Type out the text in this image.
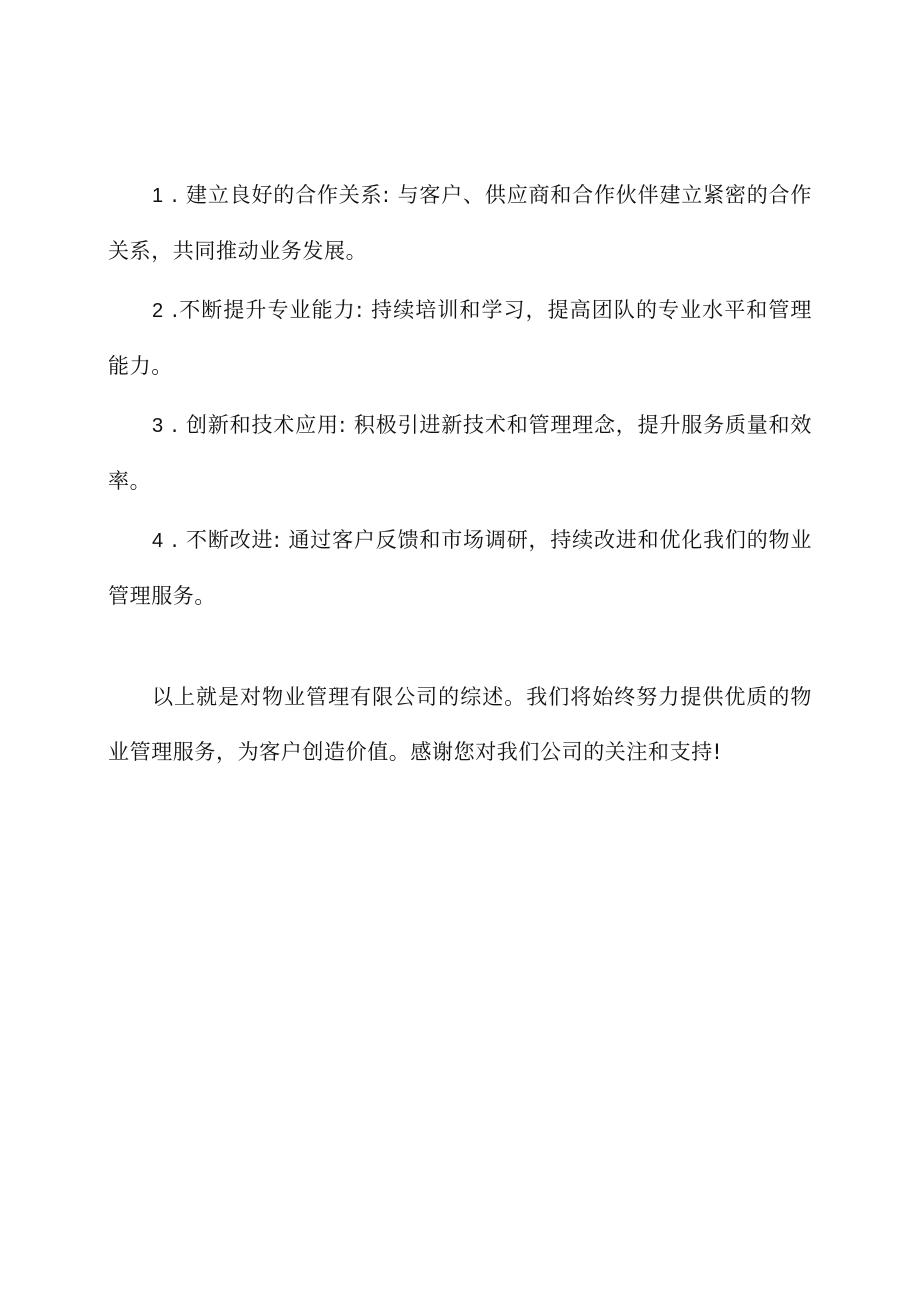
1 . 建立良好的合作关系: 与客户、供应商和合作伙伴建立紧密的合作关系，共同推动业务发展。

2 .不断提升专业能力: 持续培训和学习，提高团队的专业水平和管理能力。

3 . 创新和技术应用: 积极引进新技术和管理理念，提升服务质量和效率。

4 . 不断改进: 通过客户反馈和市场调研，持续改进和优化我们的物业管理服务。

以上就是对物业管理有限公司的综述。我们将始终努力提供优质的物业管理服务，为客户创造价值。感谢您对我们公司的关注和支持!
